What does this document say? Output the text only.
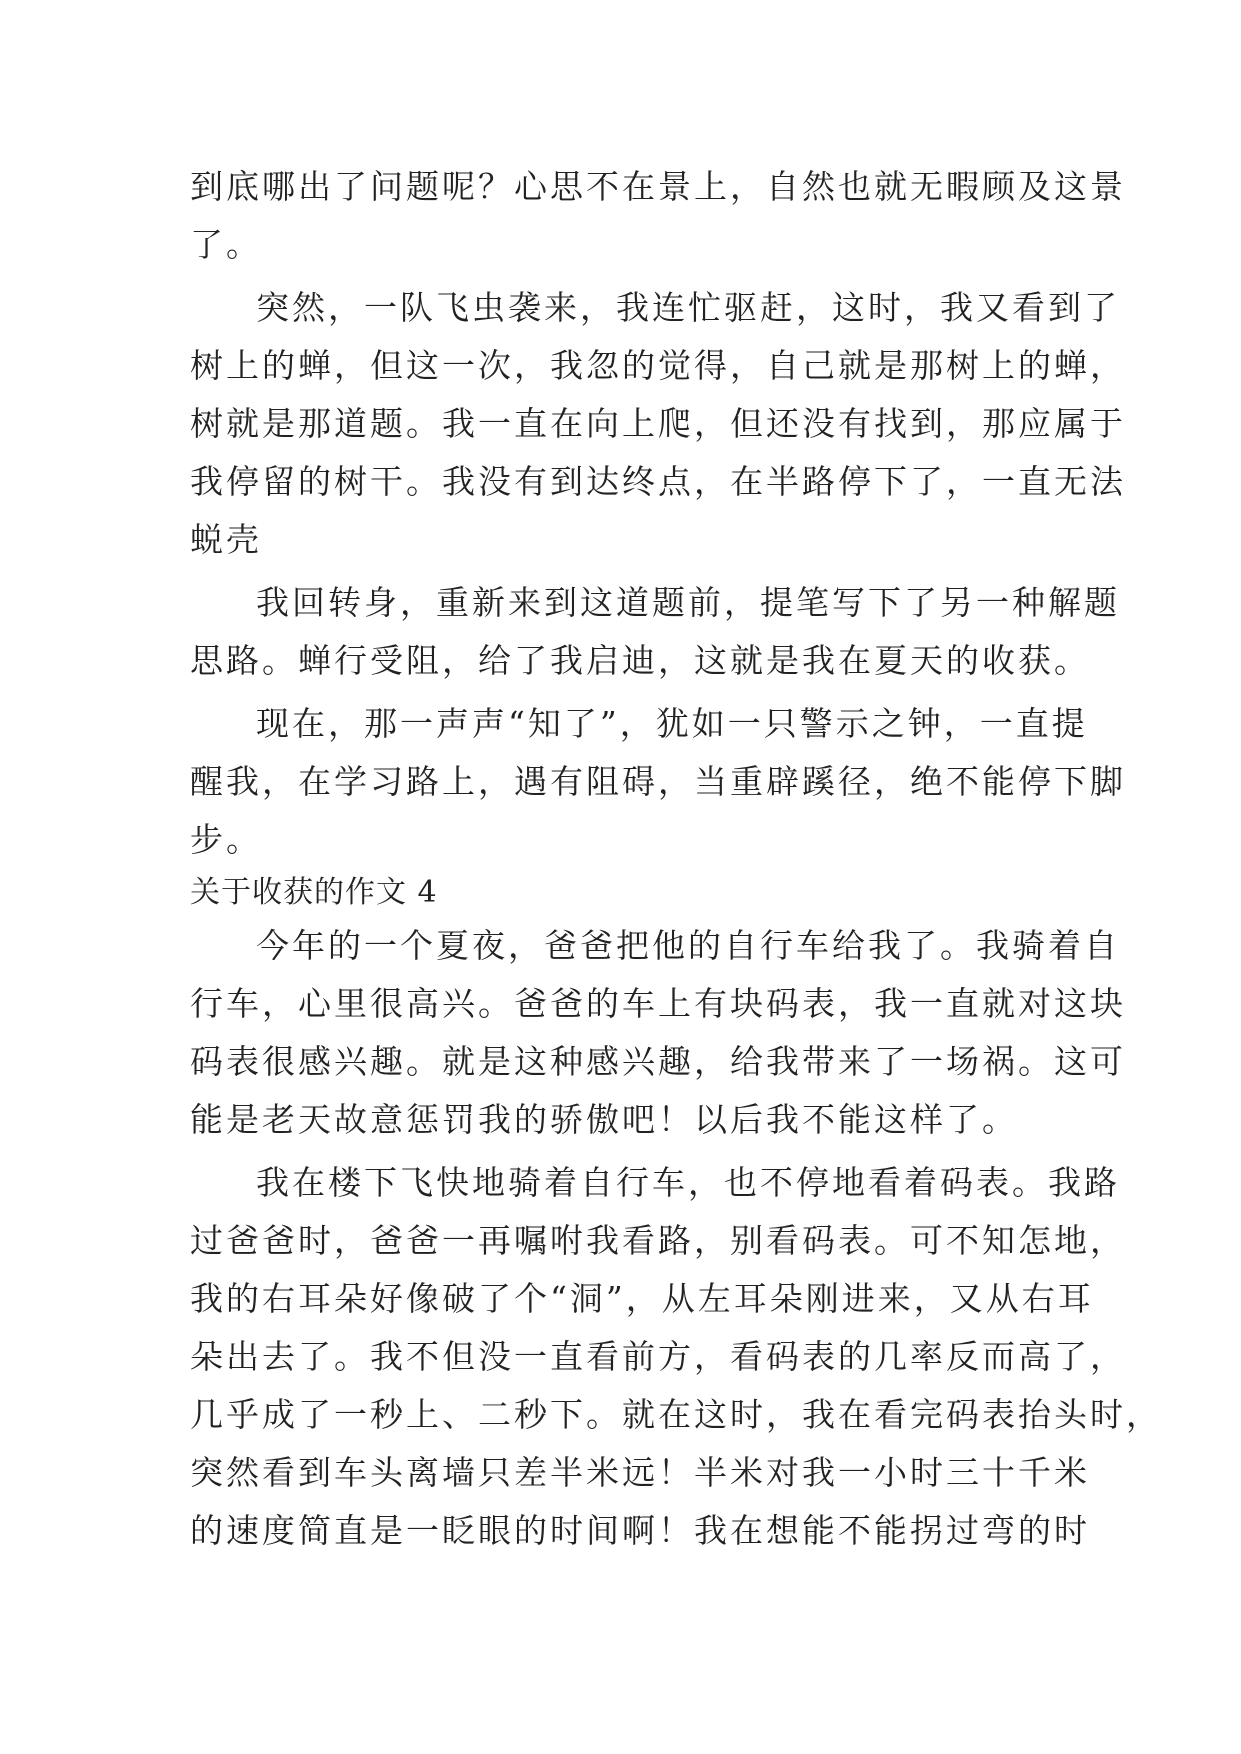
到底哪出了问题呢？心思不在景上，自然也就无暇顾及这景
了。
突然，一队飞虫袭来，我连忙驱赶，这时，我又看到了
树上的蝉，但这一次，我忽的觉得，自己就是那树上的蝉，
树就是那道题。我一直在向上爬，但还没有找到，那应属于
我停留的树干。我没有到达终点，在半路停下了，一直无法
蜕壳
我回转身，重新来到这道题前，提笔写下了另一种解题
思路。蝉行受阻，给了我启迪，这就是我在夏天的收获。
现在，那一声声“知了”，犹如一只警示之钟，一直提
醒我，在学习路上，遇有阻碍，当重辟蹊径，绝不能停下脚
步。
关于收获的作文 4
今年的一个夏夜，爸爸把他的自行车给我了。我骑着自
行车，心里很高兴。爸爸的车上有块码表，我一直就对这块
码表很感兴趣。就是这种感兴趣，给我带来了一场祸。这可
能是老天故意惩罚我的骄傲吧！以后我不能这样了。
我在楼下飞快地骑着自行车，也不停地看着码表。我路
过爸爸时，爸爸一再嘱咐我看路，别看码表。可不知怎地，
我的右耳朵好像破了个“洞”，从左耳朵刚进来，又从右耳
朵出去了。我不但没一直看前方，看码表的几率反而高了，
几乎成了一秒上、二秒下。就在这时，我在看完码表抬头时，
突然看到车头离墙只差半米远！半米对我一小时三十千米
的速度简直是一眨眼的时间啊！我在想能不能拐过弯的时
